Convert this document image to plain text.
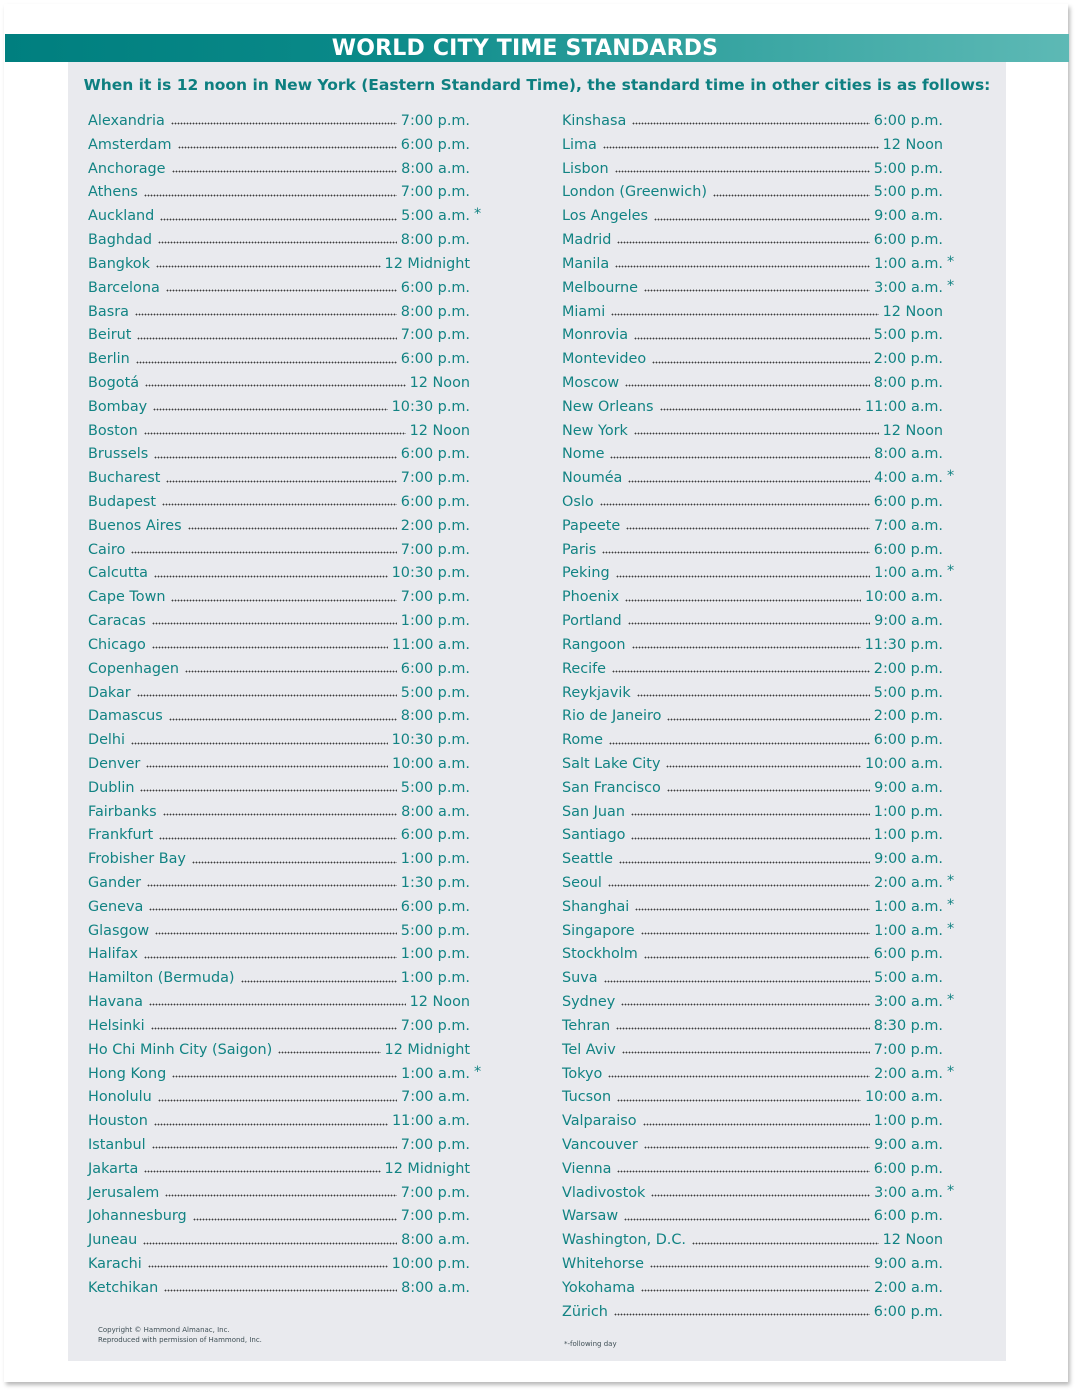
WORLD CITY TIME STANDARDS
When it is 12 noon in New York (Eastern Standard Time), the standard time in other cities is as follows:
Alexandria	7:00 p.m.
Amsterdam	6:00 p.m.
Anchorage	8:00 a.m.
Athens	7:00 p.m.
Auckland	5:00 a.m. *
Baghdad	8:00 p.m.
Bangkok	12 Midnight
Barcelona	6:00 p.m.
Basra	8:00 p.m.
Beirut	7:00 p.m.
Berlin	6:00 p.m.
Bogotá	12 Noon
Bombay	10:30 p.m.
Boston	12 Noon
Brussels	6:00 p.m.
Bucharest	7:00 p.m.
Budapest	6:00 p.m.
Buenos Aires	2:00 p.m.
Cairo	7:00 p.m.
Calcutta	10:30 p.m.
Cape Town	7:00 p.m.
Caracas	1:00 p.m.
Chicago	11:00 a.m.
Copenhagen	6:00 p.m.
Dakar	5:00 p.m.
Damascus	8:00 p.m.
Delhi	10:30 p.m.
Denver	10:00 a.m.
Dublin	5:00 p.m.
Fairbanks	8:00 a.m.
Frankfurt	6:00 p.m.
Frobisher Bay	1:00 p.m.
Gander	1:30 p.m.
Geneva	6:00 p.m.
Glasgow	5:00 p.m.
Halifax	1:00 p.m.
Hamilton (Bermuda)	1:00 p.m.
Havana	12 Noon
Helsinki	7:00 p.m.
Ho Chi Minh City (Saigon)	12 Midnight
Hong Kong	1:00 a.m. *
Honolulu	7:00 a.m.
Houston	11:00 a.m.
Istanbul	7:00 p.m.
Jakarta	12 Midnight
Jerusalem	7:00 p.m.
Johannesburg	7:00 p.m.
Juneau	8:00 a.m.
Karachi	10:00 p.m.
Ketchikan	8:00 a.m.
Kinshasa	6:00 p.m.
Lima	12 Noon
Lisbon	5:00 p.m.
London (Greenwich)	5:00 p.m.
Los Angeles	9:00 a.m.
Madrid	6:00 p.m.
Manila	1:00 a.m. *
Melbourne	3:00 a.m. *
Miami	12 Noon
Monrovia	5:00 p.m.
Montevideo	2:00 p.m.
Moscow	8:00 p.m.
New Orleans	11:00 a.m.
New York	12 Noon
Nome	8:00 a.m.
Nouméa	4:00 a.m. *
Oslo	6:00 p.m.
Papeete	7:00 a.m.
Paris	6:00 p.m.
Peking	1:00 a.m. *
Phoenix	10:00 a.m.
Portland	9:00 a.m.
Rangoon	11:30 p.m.
Recife	2:00 p.m.
Reykjavik	5:00 p.m.
Rio de Janeiro	2:00 p.m.
Rome	6:00 p.m.
Salt Lake City	10:00 a.m.
San Francisco	9:00 a.m.
San Juan	1:00 p.m.
Santiago	1:00 p.m.
Seattle	9:00 a.m.
Seoul	2:00 a.m. *
Shanghai	1:00 a.m. *
Singapore	1:00 a.m. *
Stockholm	6:00 p.m.
Suva	5:00 a.m.
Sydney	3:00 a.m. *
Tehran	8:30 p.m.
Tel Aviv	7:00 p.m.
Tokyo	2:00 a.m. *
Tucson	10:00 a.m.
Valparaiso	1:00 p.m.
Vancouver	9:00 a.m.
Vienna	6:00 p.m.
Vladivostok	3:00 a.m. *
Warsaw	6:00 p.m.
Washington, D.C.	12 Noon
Whitehorse	9:00 a.m.
Yokohama	2:00 a.m.
Zürich	6:00 p.m.
Copyright © Hammond Almanac, Inc.
Reproduced with permission of Hammond, Inc.	*-following day
